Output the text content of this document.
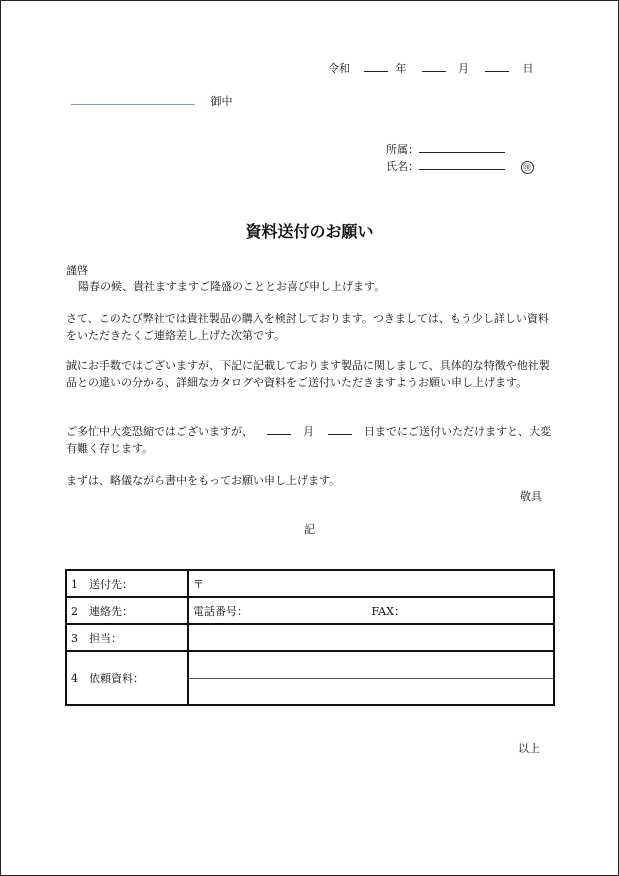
令和	年	月	日
御中
所属：
氏名：	㊞
資料送付のお願い
謹啓
陽春の候、貴社ますますご隆盛のこととお喜び申し上げます。
さて、このたび弊社では貴社製品の購入を検討しております。つきましては、もう少し詳しい資料をいただきたくご連絡差し上げた次第です。
誠にお手数ではございますが、下記に記載しております製品に関しまして、具体的な特徴や他社製品との違いの分かる、詳細なカタログや資料をご送付いただきますようお願い申し上げます。
ご多忙中大変恐縮ではございますが、	月	日までにご送付いただけますと、大変有難く存じます。
まずは、略儀ながら書中をもってお願い申し上げます。
敬具
記
1　送付先：	〒
2　連絡先：	電話番号： FAX：
3　担当：	
4　依頼資料：	
以上
